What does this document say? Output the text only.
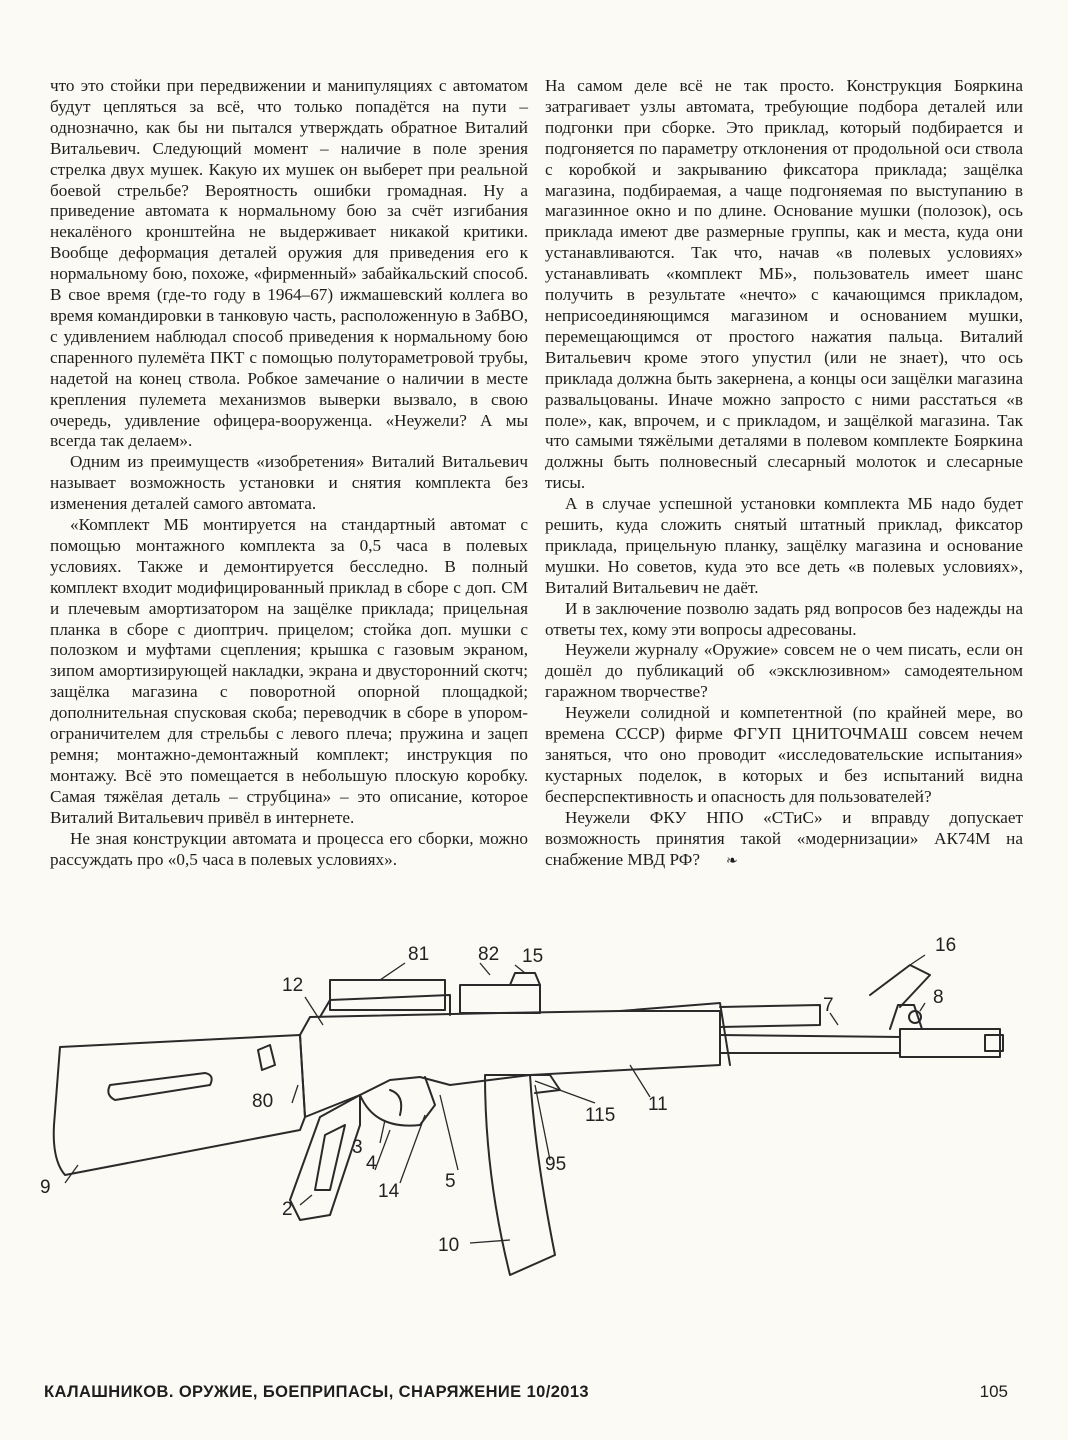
что это стойки при передвижении и манипуляциях с автоматом будут цепляться за всё, что только попадётся на пути – однозначно, как бы ни пытался утверждать обратное Виталий Витальевич. Следующий момент – наличие в поле зрения стрелка двух мушек. Какую их мушек он выберет при реальной боевой стрельбе? Вероятность ошибки громадная. Ну а приведение автомата к нормальному бою за счёт изгибания некалёного кронштейна не выдерживает никакой критики. Вообще деформация деталей оружия для приведения его к нормальному бою, похоже, «фирменный» забайкальский способ. В свое время (где-то году в 1964–67) ижмашевский коллега во время командировки в танковую часть, расположенную в ЗабВО, с удивлением наблюдал способ приведения к нормальному бою спаренного пулемёта ПКТ с помощью полутораметровой трубы, надетой на конец ствола. Робкое замечание о наличии в месте крепления пулемета механизмов выверки вызвало, в свою очередь, удивление офицера-вооруженца. «Неужели? А мы всегда так делаем».

Одним из преимуществ «изобретения» Виталий Витальевич называет возможность установки и снятия комплекта без изменения деталей самого автомата.

«Комплект МБ монтируется на стандартный автомат с помощью монтажного комплекта за 0,5 часа в полевых условиях. Также и демонтируется бесследно. В полный комплект входит модифицированный приклад в сборе с доп. СМ и плечевым амортизатором на защёлке приклада; прицельная планка в сборе с диоптрич. прицелом; стойка доп. мушки с полозком и муфтами сцепления; крышка с газовым экраном, зипом амортизирующей накладки, экрана и двусторонний скотч; защёлка магазина с поворотной опорной площадкой; дополнительная спусковая скоба; переводчик в сборе в упором-ограничителем для стрельбы с левого плеча; пружина и зацеп ремня; монтажно-демонтажный комплект; инструкция по монтажу. Всё это помещается в небольшую плоскую коробку. Самая тяжёлая деталь – струбцина» – это описание, которое Виталий Витальевич привёл в интернете.

Не зная конструкции автомата и процесса его сборки, можно рассуждать про «0,5 часа в полевых условиях».

На самом деле всё не так просто. Конструкция Бояркина затрагивает узлы автомата, требующие подбора деталей или подгонки при сборке. Это приклад, который подбирается и подгоняется по параметру отклонения от продольной оси ствола с коробкой и закрыванию фиксатора приклада; защёлка магазина, подбираемая, а чаще подгоняемая по выступанию в магазинное окно и по длине. Основание мушки (полозок), ось приклада имеют две размерные группы, как и места, куда они устанавливаются. Так что, начав «в полевых условиях» устанавливать «комплект МБ», пользователь имеет шанс получить в результате «нечто» с качающимся прикладом, неприсоединяющимся магазином и основанием мушки, перемещающимся от простого нажатия пальца. Виталий Витальевич кроме этого упустил (или не знает), что ось приклада должна быть закернена, а концы оси защёлки магазина развальцованы. Иначе можно запросто с ними расстаться «в поле», как, впрочем, и с прикладом, и защёлкой магазина. Так что самыми тяжёлыми деталями в полевом комплекте Бояркина должны быть полновесный слесарный молоток и слесарные тисы.

А в случае успешной установки комплекта МБ надо будет решить, куда сложить снятый штатный приклад, фиксатор приклада, прицельную планку, защёлку магазина и основание мушки. Но советов, куда это все деть «в полевых условиях», Виталий Витальевич не даёт.

И в заключение позволю задать ряд вопросов без надежды на ответы тех, кому эти вопросы адресованы.

Неужели журналу «Оружие» совсем не о чем писать, если он дошёл до публикаций об «эксклюзивном» самодеятельном гаражном творчестве?

Неужели солидной и компетентной (по крайней мере, во времена СССР) фирме ФГУП ЦНИТОЧМАШ совсем нечем заняться, что оно проводит «исследовательские испытания» кустарных поделок, в которых и без испытаний видна бесперспективность и опасность для пользователей?

Неужели ФКУ НПО «СТиС» и вправду допускает возможность принятия такой «модернизации» АК74М на снабжение МВД РФ? ❧

12
81	82 15
16
7	8
80
9
3
4
2
14 5
95
115
11
10
КАЛАШНИКОВ. ОРУЖИЕ, БОЕПРИПАСЫ, СНАРЯЖЕНИЕ 10/2013	105
